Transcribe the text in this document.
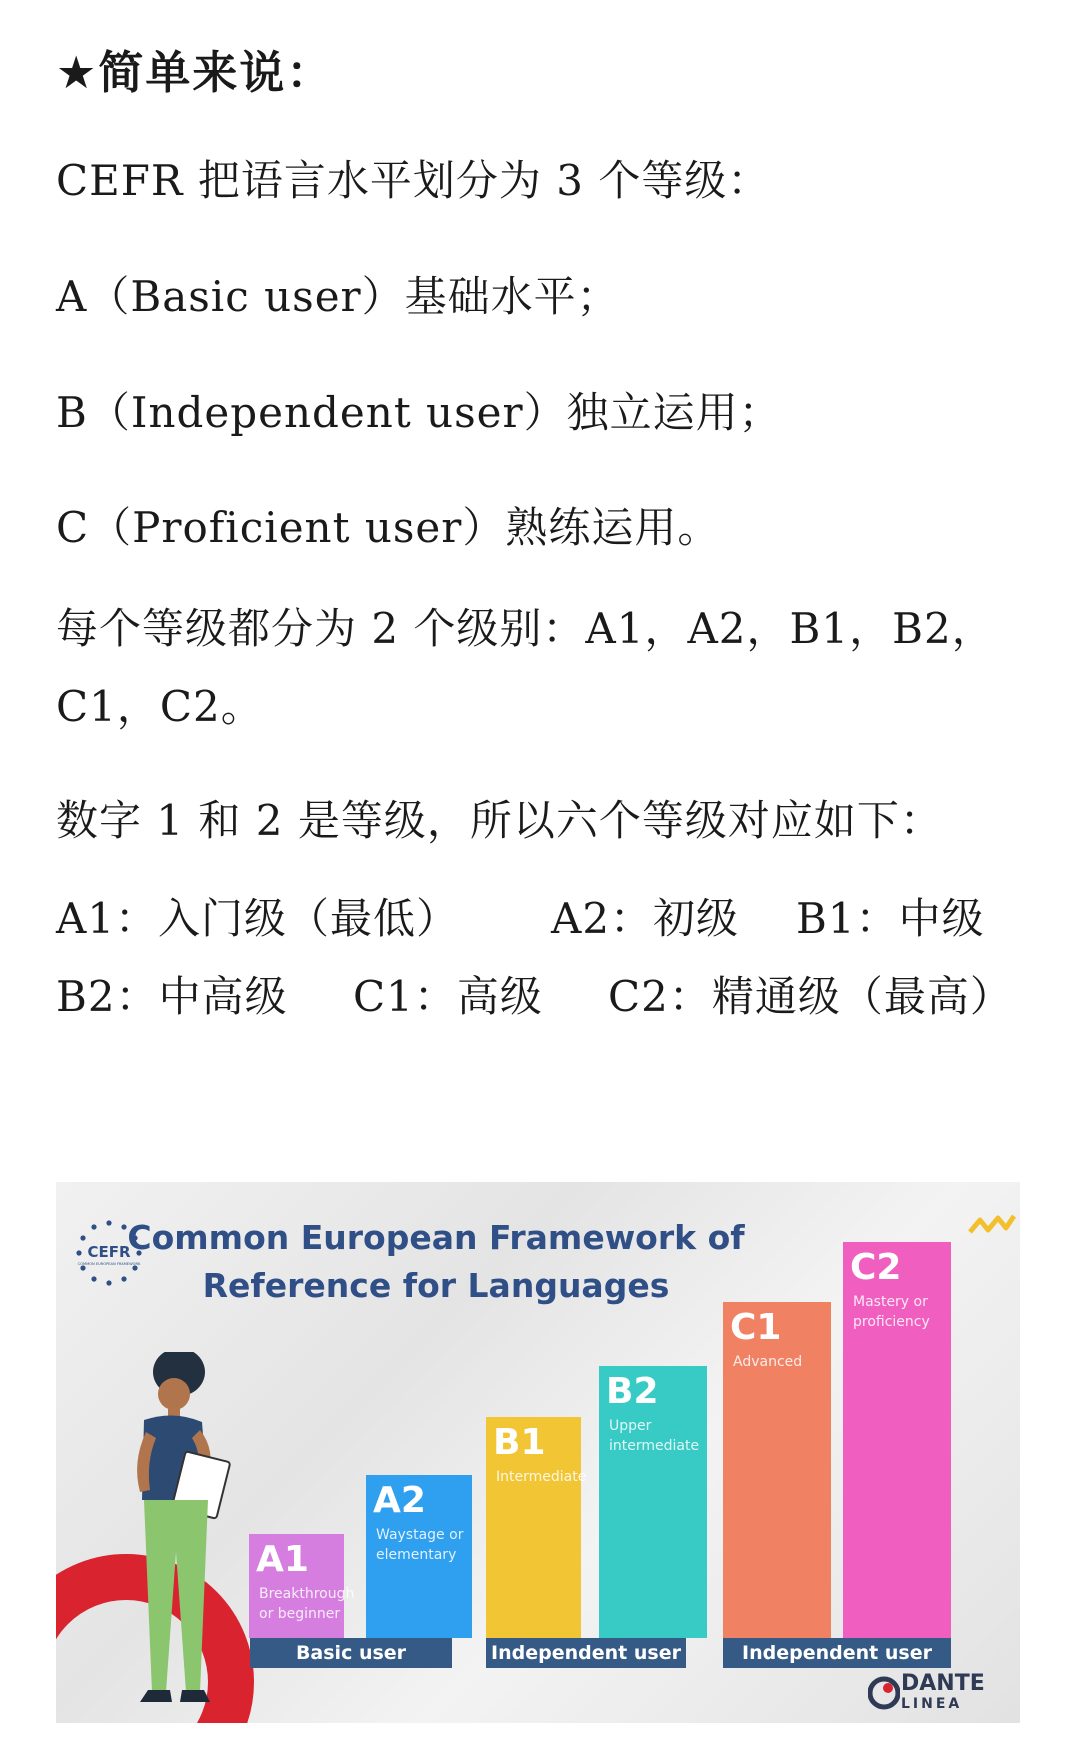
★简单来说：

CEFR 把语言水平划分为 3 个等级：

A（Basic user）基础水平；

B（Independent user）独立运用；

C（Proficient user）熟练运用。

每个等级都分为 2 个级别：A1，A2，B1，B2，C1，C2。

数字 1 和 2 是等级，所以六个等级对应如下：

A1：入门级（最低） A2：初级 B1：中级
B2：中高级 C1：高级 C2：精通级（最高）
CEFR
COMMON EUROPEAN FRAMEWORK
Common European Framework of
Reference for Languages
A1
Breakthrough or beginner
A2
Waystage or elementary
B1
Intermediate
B2
Upper intermediate
C1
Advanced
C2
Mastery or proficiency
Basic user	Independent user	Independent user
DANTE
LINEA
